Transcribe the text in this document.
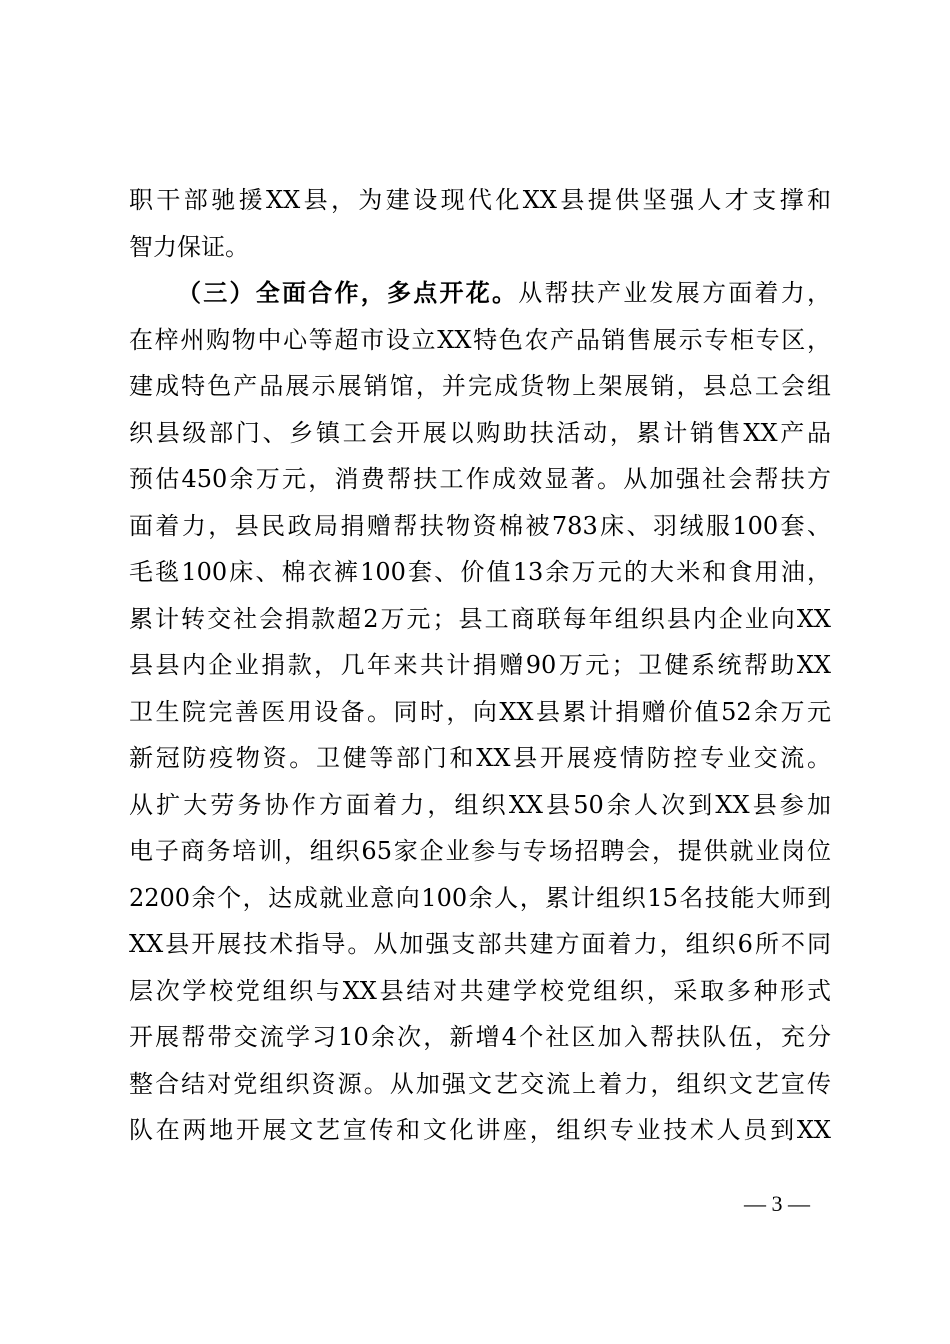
职干部驰援XX县，为建设现代化XX县提供坚强人才支撑和
智力保证。
（三）全面合作，多点开花。从帮扶产业发展方面着力，
在梓州购物中心等超市设立XX特色农产品销售展示专柜专区，
建成特色产品展示展销馆，并完成货物上架展销，县总工会组
织县级部门、乡镇工会开展以购助扶活动，累计销售XX产品
预估450余万元，消费帮扶工作成效显著。从加强社会帮扶方
面着力，县民政局捐赠帮扶物资棉被783床、羽绒服100套、
毛毯100床、棉衣裤100套、价值13余万元的大米和食用油，
累计转交社会捐款超2万元；县工商联每年组织县内企业向XX
县县内企业捐款，几年来共计捐赠90万元；卫健系统帮助XX
卫生院完善医用设备。同时，向XX县累计捐赠价值52余万元
新冠防疫物资。卫健等部门和XX县开展疫情防控专业交流。
从扩大劳务协作方面着力，组织XX县50余人次到XX县参加
电子商务培训，组织65家企业参与专场招聘会，提供就业岗位
2200余个，达成就业意向100余人，累计组织15名技能大师到
XX县开展技术指导。从加强支部共建方面着力，组织6所不同
层次学校党组织与XX县结对共建学校党组织，采取多种形式
开展帮带交流学习10余次，新增4个社区加入帮扶队伍，充分
整合结对党组织资源。从加强文艺交流上着力，组织文艺宣传
队在两地开展文艺宣传和文化讲座，组织专业技术人员到XX
— 3 —
